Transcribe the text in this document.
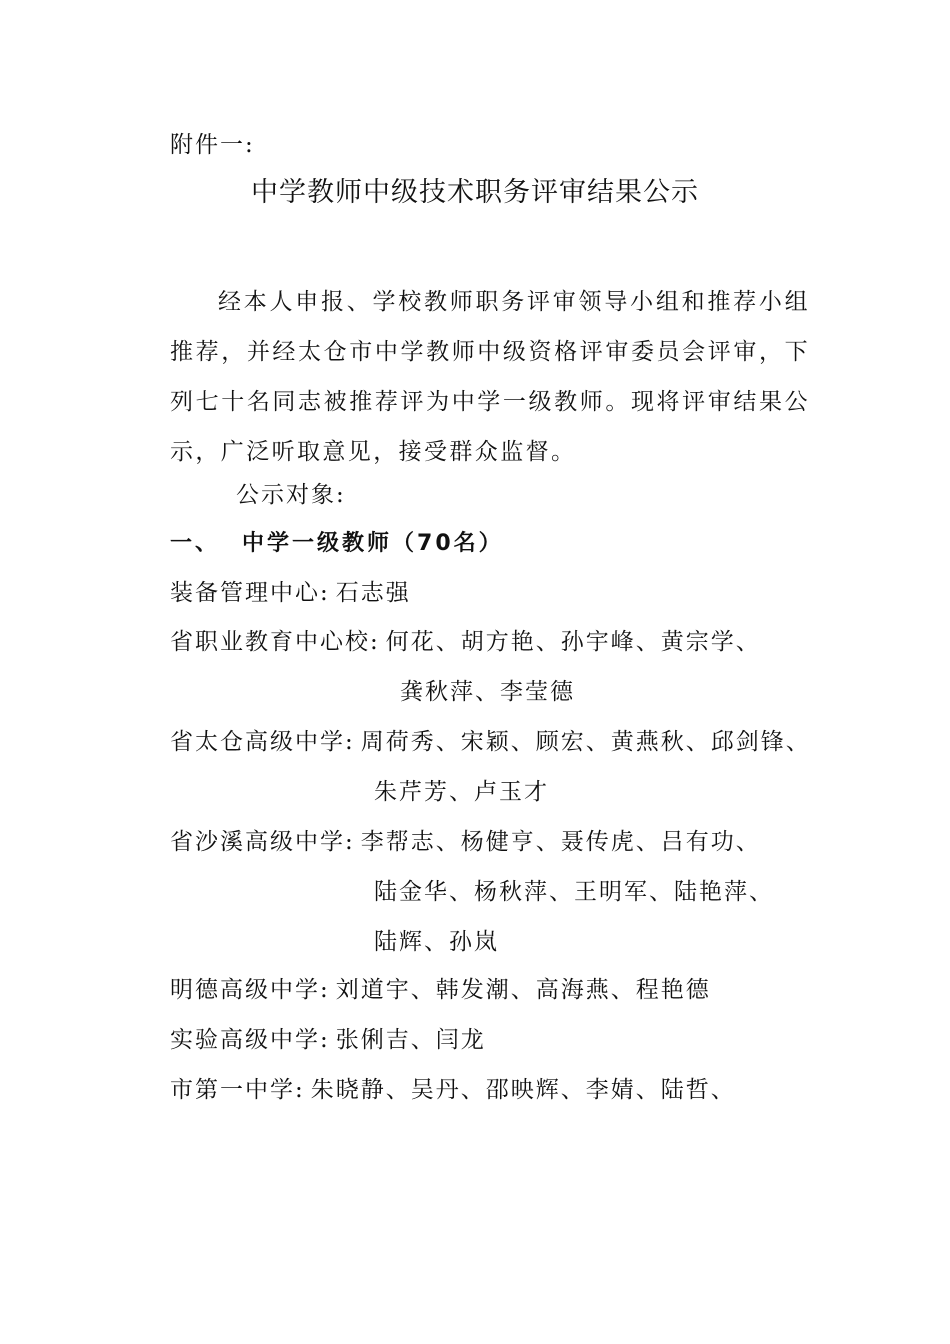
附件一:
中学教师中级技术职务评审结果公示
经本人申报、学校教师职务评审领导小组和推荐小组推荐，并经太仓市中学教师中级资格评审委员会评审，下列七十名同志被推荐评为中学一级教师。现将评审结果公示，广泛听取意见，接受群众监督。
公示对象:
一、 中学一级教师（70名）
装备管理中心: 石志强
省职业教育中心校: 何花、胡方艳、孙宇峰、黄宗学、
龚秋萍、李莹德
省太仓高级中学: 周荷秀、宋颖、顾宏、黄燕秋、邱剑锋、
朱芹芳、卢玉才
省沙溪高级中学: 李帮志、杨健亨、聂传虎、吕有功、
陆金华、杨秋萍、王明军、陆艳萍、
陆辉、孙岚
明德高级中学: 刘道宇、韩发潮、高海燕、程艳德
实验高级中学: 张俐吉、闫龙
市第一中学: 朱晓静、吴丹、邵映辉、李婧、陆哲、
